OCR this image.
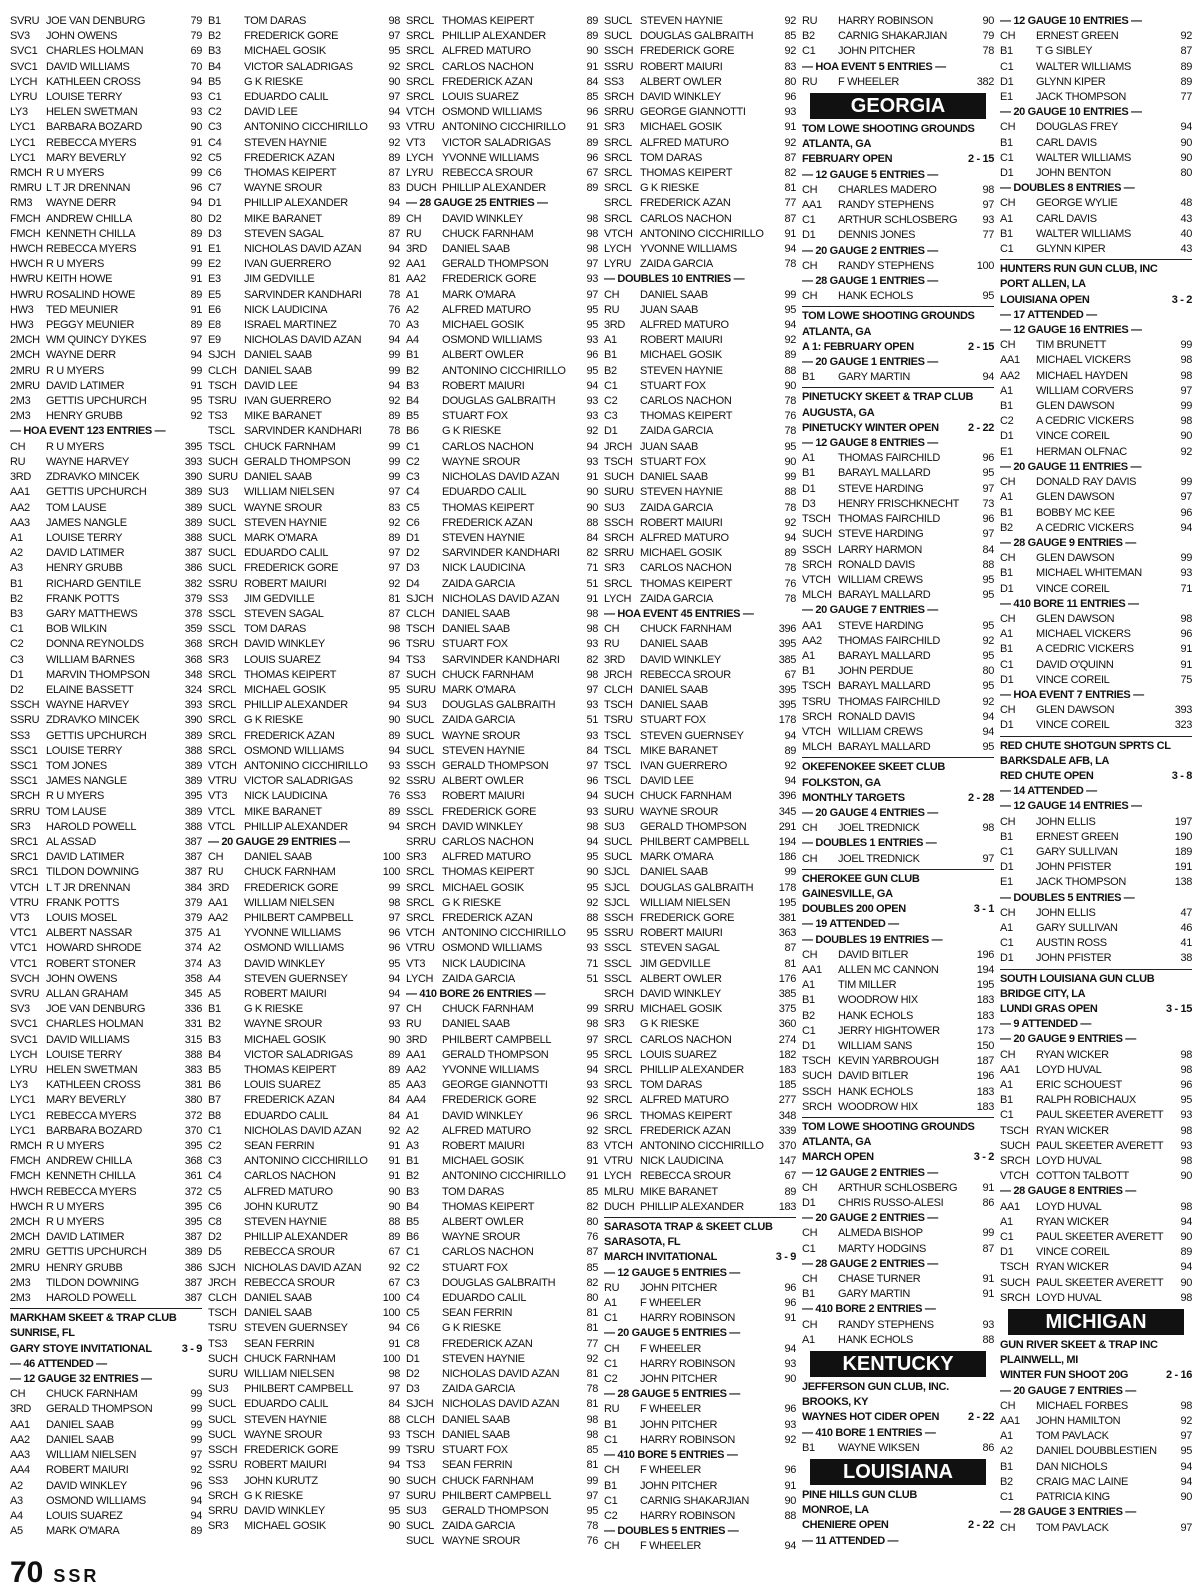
SVRU JOE VAN DENBURG	79
SV3	JOHN OWENS	79
SVC1 CHARLES HOLMAN	69
SVC1 DAVID WILLIAMS	70
LYCH KATHLEEN CROSS	94
LYRU LOUISE TERRY	93
LY3	HELEN SWETMAN	93
LYC1 BARBARA BOZARD	90
LYC1 REBECCA MYERS	91
LYC1 MARY BEVERLY	92
RMCH R U MYERS	99
RMRU L T JR DRENNAN	96
RM3	WAYNE DERR	94
FMCH ANDREW CHILLA	80
FMCH KENNETH CHILLA	89
HWCH REBECCA MYERS	91
HWCH R U MYERS	99
HWRU KEITH HOWE	91
HWRU ROSALIND HOWE	89
HW3	TED MEUNIER	91
HW3	PEGGY MEUNIER	89
2MCH WM QUINCY DYKES	97
2MCH WAYNE DERR	94
2MRU R U MYERS	99
2MRU DAVID LATIMER	91
2M3	GETTIS UPCHURCH	95
2M3	HENRY GRUBB	92
— HOA EVENT 123 ENTRIES —
CH	R U MYERS	395
RU	WAYNE HARVEY	393
3RD	ZDRAVKO MINCEK	390
AA1	GETTIS UPCHURCH	389
AA2	TOM LAUSE	389
AA3	JAMES NANGLE	389
A1	LOUISE TERRY	388
A2	DAVID LATIMER	387
A3	HENRY GRUBB	386
B1	RICHARD GENTILE	382
B2	FRANK POTTS	379
B3	GARY MATTHEWS	378
C1	BOB WILKIN	359
C2	DONNA REYNOLDS	368
C3	WILLIAM BARNES	368
D1	MARVIN THOMPSON	348
D2	ELAINE BASSETT	324
SSCH WAYNE HARVEY	393
SSRU ZDRAVKO MINCEK	390
SS3	GETTIS UPCHURCH	389
SSC1 LOUISE TERRY	388
SSC1 TOM JONES	389
SSC1 JAMES NANGLE	389
SRCH R U MYERS	395
SRRU TOM LAUSE	389
SR3	HAROLD POWELL	388
SRC1 AL ASSAD	387
SRC1 DAVID LATIMER	387
SRC1 TILDON DOWNING	387
VTCH L T JR DRENNAN	384
VTRU FRANK POTTS	379
VT3	LOUIS MOSEL	379
VTC1 ALBERT NASSAR	375
VTC1 HOWARD SHRODE	374
VTC1 ROBERT STONER	374
SVCH JOHN OWENS	358
SVRU ALLAN GRAHAM	345
SV3	JOE VAN DENBURG	336
SVC1 CHARLES HOLMAN	331
SVC1 DAVID WILLIAMS	315
LYCH LOUISE TERRY	388
LYRU HELEN SWETMAN	383
LY3	KATHLEEN CROSS	381
LYC1 MARY BEVERLY	380
LYC1 REBECCA MYERS	372
LYC1 BARBARA BOZARD	370
RMCH R U MYERS	395
FMCH ANDREW CHILLA	368
FMCH KENNETH CHILLA	361
HWCH REBECCA MYERS	372
HWCH R U MYERS	395
2MCH R U MYERS	395
2MCH DAVID LATIMER	387
2MRU GETTIS UPCHURCH	389
2MRU HENRY GRUBB	386
2M3	TILDON DOWNING	387
2M3	HAROLD POWELL	387
MARKHAM SKEET & TRAP CLUB
SUNRISE, FL
GARY STOYE INVITATIONAL	3 - 9
— 46 ATTENDED —
— 12 GAUGE 32 ENTRIES —
CH	CHUCK FARNHAM	99
3RD	GERALD THOMPSON	99
AA1	DANIEL SAAB	99
AA2	DANIEL SAAB	99
AA3	WILLIAM NIELSEN	97
AA4	ROBERT MAIURI	92
A2	DAVID WINKLEY	96
A3	OSMOND WILLIAMS	94
A4	LOUIS SUAREZ	94
A5	MARK O'MARA	89
B1	TOM DARAS	98
B2	FREDERICK GORE	97
B3	MICHAEL GOSIK	95
B4	VICTOR SALADRIGAS	92
B5	G K RIESKE	90
C1	EDUARDO CALIL	97
C2	DAVID LEE	94
C3	ANTONINO CICCHIRILLO	93
C4	STEVEN HAYNIE	92
C5	FREDERICK AZAN	89
C6	THOMAS KEIPERT	87
C7	WAYNE SROUR	83
D1	PHILLIP ALEXANDER	94
D2	MIKE BARANET	89
D3	STEVEN SAGAL	87
E1	NICHOLAS DAVID AZAN	94
E2	IVAN GUERRERO	92
E3	JIM GEDVILLE	81
E5	SARVINDER KANDHARI	78
E6	NICK LAUDICINA	76
E8	ISRAEL MARTINEZ	70
E9	NICHOLAS DAVID AZAN	94
SJCH DANIEL SAAB	99
CLCH DANIEL SAAB	99
TSCH DAVID LEE	94
TSRU IVAN GUERRERO	92
TS3	MIKE BARANET	89
TSCL SARVINDER KANDHARI	78
TSCL CHUCK FARNHAM	99
SUCH GERALD THOMPSON	99
SURU DANIEL SAAB	99
SU3	WILLIAM NIELSEN	97
SUCL WAYNE SROUR	83
SUCL STEVEN HAYNIE	92
SUCL MARK O'MARA	89
SUCL EDUARDO CALIL	97
SUCL FREDERICK GORE	97
SSRU ROBERT MAIURI	92
SS3	JIM GEDVILLE	81
SSCL STEVEN SAGAL	87
SSCL TOM DARAS	98
SRCH DAVID WINKLEY	96
SR3	LOUIS SUAREZ	94
SRCL THOMAS KEIPERT	87
SRCL MICHAEL GOSIK	95
SRCL PHILLIP ALEXANDER	94
SRCL G K RIESKE	90
SRCL FREDERICK AZAN	89
SRCL OSMOND WILLIAMS	94
VTCH ANTONINO CICCHIRILLO	93
VTRU VICTOR SALADRIGAS	92
VT3	NICK LAUDICINA	76
VTCL MIKE BARANET	89
VTCL PHILLIP ALEXANDER	94
— 20 GAUGE 29 ENTRIES —
CH	DANIEL SAAB	100
RU	CHUCK FARNHAM	100
3RD	FREDERICK GORE	99
AA1	WILLIAM NIELSEN	98
AA2	PHILBERT CAMPBELL	97
A1	YVONNE WILLIAMS	96
A2	OSMOND WILLIAMS	96
A3	DAVID WINKLEY	95
A4	STEVEN GUERNSEY	94
A5	ROBERT MAIURI	94
B1	G K RIESKE	97
B2	WAYNE SROUR	93
B3	MICHAEL GOSIK	90
B4	VICTOR SALADRIGAS	89
B5	THOMAS KEIPERT	89
B6	LOUIS SUAREZ	85
B7	FREDERICK AZAN	84
B8	EDUARDO CALIL	84
C1	NICHOLAS DAVID AZAN	92
C2	SEAN FERRIN	91
C3	ANTONINO CICCHIRILLO	91
C4	CARLOS NACHON	91
C5	ALFRED MATURO	90
C6	JOHN KURUTZ	90
C8	STEVEN HAYNIE	88
D2	PHILLIP ALEXANDER	89
D5	REBECCA SROUR	67
SJCH NICHOLAS DAVID AZAN	92
JRCH REBECCA SROUR	67
CLCH DANIEL SAAB	100
TSCH DANIEL SAAB	100
TSRU STEVEN GUERNSEY	94
TS3	SEAN FERRIN	91
SUCH CHUCK FARNHAM	100
SURU WILLIAM NIELSEN	98
SU3	PHILBERT CAMPBELL	97
SUCL EDUARDO CALIL	84
SUCL STEVEN HAYNIE	88
SUCL WAYNE SROUR	93
SSCH FREDERICK GORE	99
SSRU ROBERT MAIURI	94
SS3	JOHN KURUTZ	90
SRCH G K RIESKE	97
SRRU DAVID WINKLEY	95
SR3	MICHAEL GOSIK	90
SRCL THOMAS KEIPERT	89
SRCL PHILLIP ALEXANDER	89
SRCL ALFRED MATURO	90
SRCL CARLOS NACHON	91
SRCL FREDERICK AZAN	84
SRCL LOUIS SUAREZ	85
VTCH OSMOND WILLIAMS	96
VTRU ANTONINO CICCHIRILLO	91
VT3	VICTOR SALADRIGAS	89
LYCH YVONNE WILLIAMS	96
LYRU REBECCA SROUR	67
DUCH PHILLIP ALEXANDER	89
— 28 GAUGE 25 ENTRIES —
CH	DAVID WINKLEY	98
RU	CHUCK FARNHAM	98
3RD	DANIEL SAAB	98
AA1	GERALD THOMPSON	97
AA2	FREDERICK GORE	93
A1	MARK O'MARA	97
A2	ALFRED MATURO	95
A3	MICHAEL GOSIK	95
A4	OSMOND WILLIAMS	93
B1	ALBERT OWLER	96
B2	ANTONINO CICCHIRILLO	95
B3	ROBERT MAIURI	94
B4	DOUGLAS GALBRAITH	93
B5	STUART FOX	93
B6	G K RIESKE	92
C1	CARLOS NACHON	94
C2	WAYNE SROUR	93
C3	NICHOLAS DAVID AZAN	91
C4	EDUARDO CALIL	90
C5	THOMAS KEIPERT	90
C6	FREDERICK AZAN	88
D1	STEVEN HAYNIE	84
D2	SARVINDER KANDHARI	82
D3	NICK LAUDICINA	71
D4	ZAIDA GARCIA	51
SJCH NICHOLAS DAVID AZAN	91
CLCH DANIEL SAAB	98
TSCH DANIEL SAAB	98
TSRU STUART FOX	93
TS3	SARVINDER KANDHARI	82
SUCH CHUCK FARNHAM	98
SURU MARK O'MARA	97
SU3	DOUGLAS GALBRAITH	93
SUCL ZAIDA GARCIA	51
SUCL WAYNE SROUR	93
SUCL STEVEN HAYNIE	84
SSCH GERALD THOMPSON	97
SSRU ALBERT OWLER	96
SS3	ROBERT MAIURI	94
SSCL FREDERICK GORE	93
SRCH DAVID WINKLEY	98
SRRU CARLOS NACHON	94
SR3	ALFRED MATURO	95
SRCL THOMAS KEIPERT	90
SRCL MICHAEL GOSIK	95
SRCL G K RIESKE	92
SRCL FREDERICK AZAN	88
VTCH ANTONINO CICCHIRILLO	95
VTRU OSMOND WILLIAMS	93
VT3	NICK LAUDICINA	71
LYCH ZAIDA GARCIA	51
— 410 BORE 26 ENTRIES —
CH	CHUCK FARNHAM	99
RU	DANIEL SAAB	98
3RD	PHILBERT CAMPBELL	97
AA1	GERALD THOMPSON	95
AA2	YVONNE WILLIAMS	94
AA3	GEORGE GIANNOTTI	93
AA4	FREDERICK GORE	92
A1	DAVID WINKLEY	96
A2	ALFRED MATURO	92
A3	ROBERT MAIURI	83
B1	MICHAEL GOSIK	91
B2	ANTONINO CICCHIRILLO	91
B3	TOM DARAS	85
B4	THOMAS KEIPERT	82
B5	ALBERT OWLER	80
B6	WAYNE SROUR	76
C1	CARLOS NACHON	87
C2	STUART FOX	85
C3	DOUGLAS GALBRAITH	82
C4	EDUARDO CALIL	80
C5	SEAN FERRIN	81
C6	G K RIESKE	81
C8	FREDERICK AZAN	77
D1	STEVEN HAYNIE	92
D2	NICHOLAS DAVID AZAN	81
D3	ZAIDA GARCIA	78
SJCH NICHOLAS DAVID AZAN	81
CLCH DANIEL SAAB	98
TSCH DANIEL SAAB	98
TSRU STUART FOX	85
TS3	SEAN FERRIN	81
SUCH CHUCK FARNHAM	99
SURU PHILBERT CAMPBELL	97
SU3	GERALD THOMPSON	95
SUCL ZAIDA GARCIA	78
SUCL WAYNE SROUR	76
SUCL STEVEN HAYNIE	92
SUCL DOUGLAS GALBRAITH	85
SSCH FREDERICK GORE	92
SSRU ROBERT MAIURI	83
SS3	ALBERT OWLER	80
SRCH DAVID WINKLEY	96
SRRU GEORGE GIANNOTTI	93
SR3	MICHAEL GOSIK	91
SRCL ALFRED MATURO	92
SRCL TOM DARAS	87
SRCL THOMAS KEIPERT	82
SRCL G K RIESKE	81
SRCL FREDERICK AZAN	77
SRCL CARLOS NACHON	87
VTCH ANTONINO CICCHIRILLO	91
LYCH YVONNE WILLIAMS	94
LYRU ZAIDA GARCIA	78
— DOUBLES 10 ENTRIES —
CH	DANIEL SAAB	99
RU	JUAN SAAB	95
3RD	ALFRED MATURO	94
A1	ROBERT MAIURI	92
B1	MICHAEL GOSIK	89
B2	STEVEN HAYNIE	88
C1	STUART FOX	90
C2	CARLOS NACHON	78
C3	THOMAS KEIPERT	76
D1	ZAIDA GARCIA	78
JRCH JUAN SAAB	95
TSCH STUART FOX	90
SUCH DANIEL SAAB	99
SURU STEVEN HAYNIE	88
SU3	ZAIDA GARCIA	78
SSCH ROBERT MAIURI	92
SRCH ALFRED MATURO	94
SRRU MICHAEL GOSIK	89
SR3	CARLOS NACHON	78
SRCL THOMAS KEIPERT	76
LYCH ZAIDA GARCIA	78
— HOA EVENT 45 ENTRIES —
CH	CHUCK FARNHAM	396
RU	DANIEL SAAB	395
3RD	DAVID WINKLEY	385
JRCH REBECCA SROUR	67
CLCH DANIEL SAAB	395
TSCH DANIEL SAAB	395
TSRU STUART FOX	178
TSCL STEVEN GUERNSEY	94
TSCL MIKE BARANET	89
TSCL IVAN GUERRERO	92
TSCL DAVID LEE	94
SUCH CHUCK FARNHAM	396
SURU WAYNE SROUR	345
SU3	GERALD THOMPSON	291
SUCL PHILBERT CAMPBELL	194
SUCL MARK O'MARA	186
SJCL DANIEL SAAB	99
SJCL DOUGLAS GALBRAITH	178
SJCL WILLIAM NIELSEN	195
SSCH FREDERICK GORE	381
SSRU ROBERT MAIURI	363
SSCL STEVEN SAGAL	87
SSCL JIM GEDVILLE	81
SSCL ALBERT OWLER	176
SRCH DAVID WINKLEY	385
SRRU MICHAEL GOSIK	375
SR3	G K RIESKE	360
SRCL CARLOS NACHON	274
SRCL LOUIS SUAREZ	182
SRCL PHILLIP ALEXANDER	183
SRCL TOM DARAS	185
SRCL ALFRED MATURO	277
SRCL THOMAS KEIPERT	348
SRCL FREDERICK AZAN	339
VTCH ANTONINO CICCHIRILLO	370
VTRU NICK LAUDICINA	147
LYCH REBECCA SROUR	67
MLRU MIKE BARANET	89
DUCH PHILLIP ALEXANDER	183
SARASOTA TRAP & SKEET CLUB
SARASOTA, FL
MARCH INVITATIONAL	3 - 9
— 12 GAUGE 5 ENTRIES —
RU	JOHN PITCHER	96
A1	F WHEELER	96
C1	HARRY ROBINSON	91
— 20 GAUGE 5 ENTRIES —
CH	F WHEELER	94
C1	HARRY ROBINSON	93
C2	JOHN PITCHER	90
— 28 GAUGE 5 ENTRIES —
RU	F WHEELER	96
B1	JOHN PITCHER	93
C1	HARRY ROBINSON	92
— 410 BORE 5 ENTRIES —
CH	F WHEELER	96
B1	JOHN PITCHER	91
C1	CARNIG SHAKARJIAN	90
C2	HARRY ROBINSON	88
— DOUBLES 5 ENTRIES —
CH	F WHEELER	94
RU	HARRY ROBINSON	90
B2	CARNIG SHAKARJIAN	79
C1	JOHN PITCHER	78
— HOA EVENT 5 ENTRIES —
RU	F WHEELER	382
GEORGIA
TOM LOWE SHOOTING GROUNDS
ATLANTA, GA
FEBRUARY OPEN	2 - 15
— 12 GAUGE 5 ENTRIES —
CH	CHARLES MADERO	98
AA1	RANDY STEPHENS	97
C1	ARTHUR SCHLOSBERG	93
D1	DENNIS JONES	77
— 20 GAUGE 2 ENTRIES —
CH	RANDY STEPHENS	100
— 28 GAUGE 1 ENTRIES —
CH	HANK ECHOLS	95
TOM LOWE SHOOTING GROUNDS
ATLANTA, GA
A 1: FEBRUARY OPEN	2 - 15
— 20 GAUGE 1 ENTRIES —
B1	GARY MARTIN	94
PINETUCKY SKEET & TRAP CLUB
AUGUSTA, GA
PINETUCKY WINTER OPEN	2 - 22
— 12 GAUGE 8 ENTRIES —
A1	THOMAS FAIRCHILD	96
B1	BARAYL MALLARD	95
D1	STEVE HARDING	97
D3	HENRY FRISCHKNECHT	73
TSCH THOMAS FAIRCHILD	96
SUCH STEVE HARDING	97
SSCH LARRY HARMON	84
SRCH RONALD DAVIS	88
VTCH WILLIAM CREWS	95
MLCH BARAYL MALLARD	95
— 20 GAUGE 7 ENTRIES —
AA1	STEVE HARDING	95
AA2	THOMAS FAIRCHILD	92
A1	BARAYL MALLARD	95
B1	JOHN PERDUE	80
TSCH BARAYL MALLARD	95
TSRU THOMAS FAIRCHILD	92
SRCH RONALD DAVIS	94
VTCH WILLIAM CREWS	94
MLCH BARAYL MALLARD	95
OKEFENOKEE SKEET CLUB
FOLKSTON, GA
MONTHLY TARGETS	2 - 28
— 20 GAUGE 4 ENTRIES —
CH	JOEL TREDNICK	98
— DOUBLES 1 ENTRIES —
CH	JOEL TREDNICK	97
CHEROKEE GUN CLUB
GAINESVILLE, GA
DOUBLES 200 OPEN	3 - 1
— 19 ATTENDED —
— DOUBLES 19 ENTRIES —
CH	DAVID BITLER	196
AA1	ALLEN MC CANNON	194
A1	TIM MILLER	195
B1	WOODROW HIX	183
B2	HANK ECHOLS	183
C1	JERRY HIGHTOWER	173
D1	WILLIAM SANS	150
TSCH KEVIN YARBROUGH	187
SUCH DAVID BITLER	196
SSCH HANK ECHOLS	183
SRCH WOODROW HIX	183
TOM LOWE SHOOTING GROUNDS
ATLANTA, GA
MARCH OPEN	3 - 2
— 12 GAUGE 2 ENTRIES —
CH	ARTHUR SCHLOSBERG	91
D1	CHRIS RUSSO-ALESI	86
— 20 GAUGE 2 ENTRIES —
CH	ALMEDA BISHOP	99
C1	MARTY HODGINS	87
— 28 GAUGE 2 ENTRIES —
CH	CHASE TURNER	91
B1	GARY MARTIN	91
— 410 BORE 2 ENTRIES —
CH	RANDY STEPHENS	93
A1	HANK ECHOLS	88
KENTUCKY
JEFFERSON GUN CLUB, INC.
BROOKS, KY
WAYNES HOT CIDER OPEN	2 - 22
— 410 BORE 1 ENTRIES —
B1	WAYNE WIKSEN	86
LOUISIANA
PINE HILLS GUN CLUB
MONROE, LA
CHENIERE OPEN	2 - 22
— 11 ATTENDED —
— 12 GAUGE 10 ENTRIES —
CH	ERNEST GREEN	92
B1	T G SIBLEY	87
C1	WALTER WILLIAMS	89
D1	GLYNN KIPER	89
E1	JACK THOMPSON	77
— 20 GAUGE 10 ENTRIES —
CH	DOUGLAS FREY	94
B1	CARL DAVIS	90
C1	WALTER WILLIAMS	90
D1	JOHN BENTON	80
— DOUBLES 8 ENTRIES —
CH	GEORGE WYLIE	48
A1	CARL DAVIS	43
B1	WALTER WILLIAMS	40
C1	GLYNN KIPER	43
HUNTERS RUN GUN CLUB, INC
PORT ALLEN, LA
LOUISIANA OPEN	3 - 2
— 17 ATTENDED —
— 12 GAUGE 16 ENTRIES —
CH	TIM BRUNETT	99
AA1	MICHAEL VICKERS	98
AA2	MICHAEL HAYDEN	98
A1	WILLIAM CORVERS	97
B1	GLEN DAWSON	99
C2	A CEDRIC VICKERS	98
D1	VINCE COREIL	90
E1	HERMAN OLFNAC	92
— 20 GAUGE 11 ENTRIES —
CH	DONALD RAY DAVIS	99
A1	GLEN DAWSON	97
B1	BOBBY MC KEE	96
B2	A CEDRIC VICKERS	94
— 28 GAUGE 9 ENTRIES —
CH	GLEN DAWSON	99
B1	MICHAEL WHITEMAN	93
D1	VINCE COREIL	71
— 410 BORE 11 ENTRIES —
CH	GLEN DAWSON	98
A1	MICHAEL VICKERS	96
B1	A CEDRIC VICKERS	91
C1	DAVID O'QUINN	91
D1	VINCE COREIL	75
— HOA EVENT 7 ENTRIES —
CH	GLEN DAWSON	393
D1	VINCE COREIL	323
RED CHUTE SHOTGUN SPRTS CL
BARKSDALE AFB, LA
RED CHUTE OPEN	3 - 8
— 14 ATTENDED —
— 12 GAUGE 14 ENTRIES —
CH	JOHN ELLIS	197
B1	ERNEST GREEN	190
C1	GARY SULLIVAN	189
D1	JOHN PFISTER	191
E1	JACK THOMPSON	138
— DOUBLES 5 ENTRIES —
CH	JOHN ELLIS	47
A1	GARY SULLIVAN	46
C1	AUSTIN ROSS	41
D1	JOHN PFISTER	38
SOUTH LOUISIANA GUN CLUB
BRIDGE CITY, LA
LUNDI GRAS OPEN	3 - 15
— 9 ATTENDED —
— 20 GAUGE 9 ENTRIES —
CH	RYAN WICKER	98
AA1	LOYD HUVAL	98
A1	ERIC SCHOUEST	96
B1	RALPH ROBICHAUX	95
C1	PAUL SKEETER AVERETT	93
TSCH RYAN WICKER	98
SUCH PAUL SKEETER AVERETT	93
SRCH LOYD HUVAL	98
VTCH COTTON TALBOTT	90
— 28 GAUGE 8 ENTRIES —
AA1	LOYD HUVAL	98
A1	RYAN WICKER	94
C1	PAUL SKEETER AVERETT	90
D1	VINCE COREIL	89
TSCH RYAN WICKER	94
SUCH PAUL SKEETER AVERETT	90
SRCH LOYD HUVAL	98
MICHIGAN
GUN RIVER SKEET & TRAP INC
PLAINWELL, MI
WINTER FUN SHOOT 20G	2 - 16
— 20 GAUGE 7 ENTRIES —
CH	MICHAEL FORBES	98
AA1	JOHN HAMILTON	92
A1	TOM PAVLACK	97
A2	DANIEL DOUBBLESTIEN	95
B1	DAN NICHOLS	94
B2	CRAIG MAC LAINE	94
C1	PATRICIA KING	90
— 28 GAUGE 3 ENTRIES —
CH	TOM PAVLACK	97
70 SSR
